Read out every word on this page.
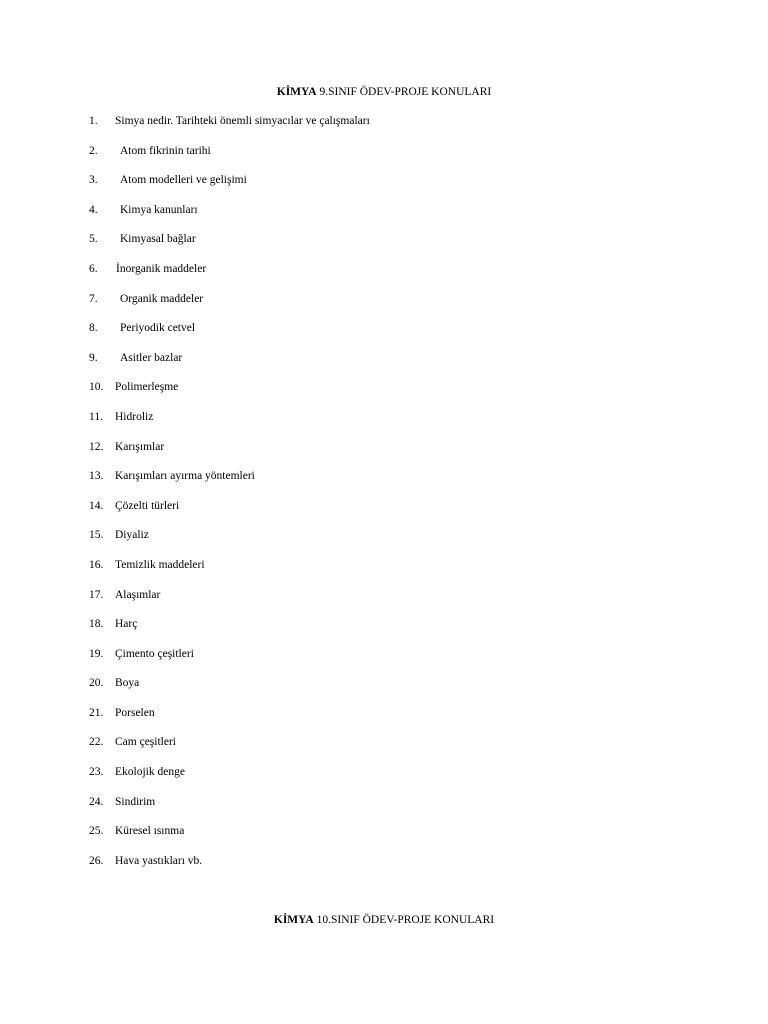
KİMYA 9.SINIF ÖDEV-PROJE KONULARI
1. Simya nedir. Tarihteki önemli simyacılar ve çalışmaları
2. Atom fikrinin tarihi
3. Atom modelleri ve gelişimi
4. Kimya kanunları
5. Kimyasal bağlar
6. İnorganik maddeler
7. Organik maddeler
8. Periyodik cetvel
9. Asitler bazlar
10. Polimerleşme
11. Hidroliz
12. Karışımlar
13. Karışımları ayırma yöntemleri
14. Çözelti türleri
15. Diyaliz
16. Temizlik maddeleri
17. Alaşımlar
18. Harç
19. Çimento çeşitleri
20. Boya
21. Porselen
22. Cam çeşitleri
23. Ekolojik denge
24. Sindirim
25. Küresel ısınma
26. Hava yastıkları vb.
KİMYA 10.SINIF ÖDEV-PROJE KONULARI
